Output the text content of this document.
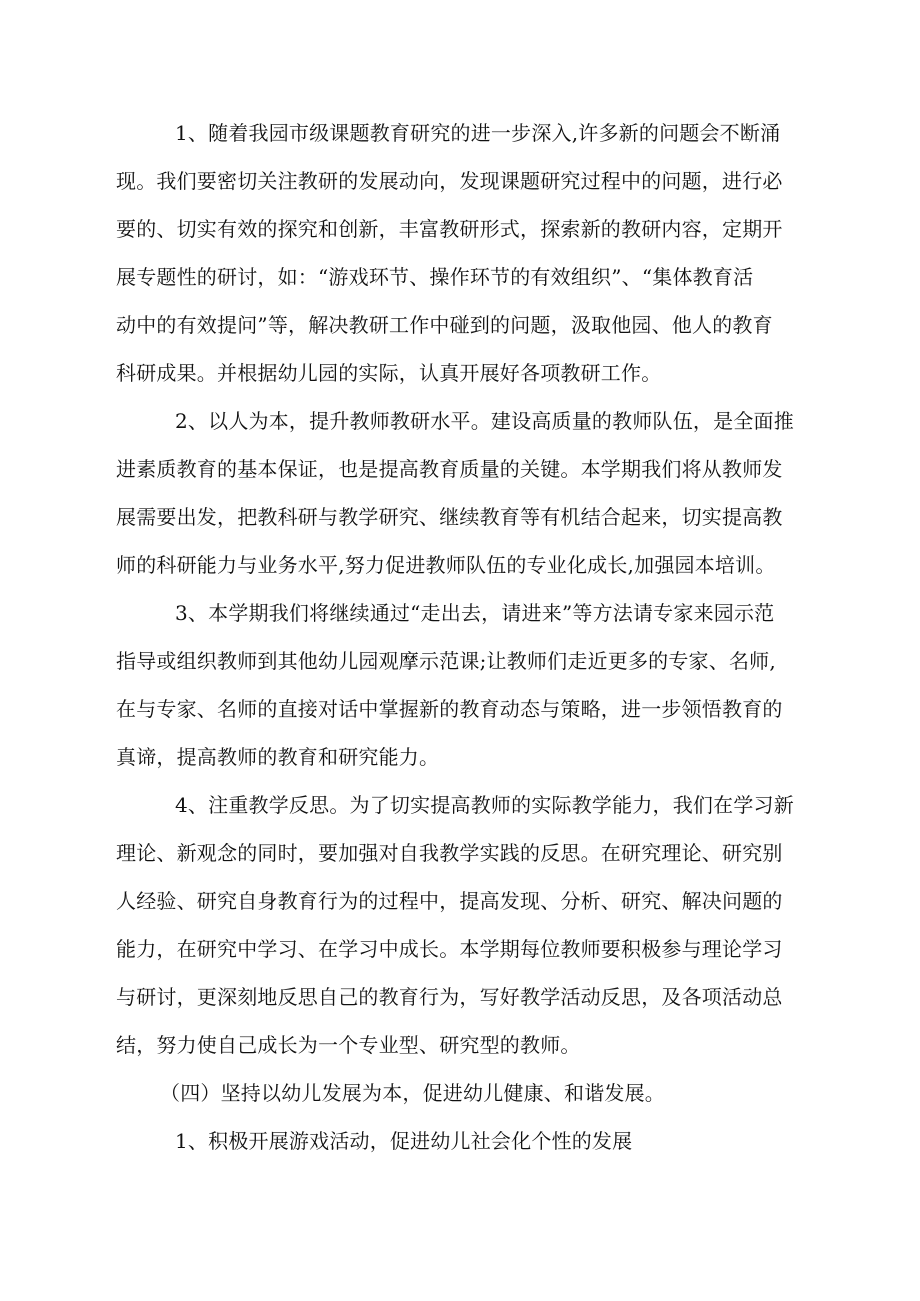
1、随着我园市级课题教育研究的进一步深入,许多新的问题会不断涌
现。我们要密切关注教研的发展动向，发现课题研究过程中的问题，进行必
要的、切实有效的探究和创新，丰富教研形式，探索新的教研内容，定期开
展专题性的研讨，如：“游戏环节、操作环节的有效组织”、“集体教育活
动中的有效提问”等，解决教研工作中碰到的问题，汲取他园、他人的教育
科研成果。并根据幼儿园的实际，认真开展好各项教研工作。
2、以人为本，提升教师教研水平。建设高质量的教师队伍，是全面推
进素质教育的基本保证，也是提高教育质量的关键。本学期我们将从教师发
展需要出发，把教科研与教学研究、继续教育等有机结合起来，切实提高教
师的科研能力与业务水平,努力促进教师队伍的专业化成长,加强园本培训。
3、本学期我们将继续通过“走出去，请进来”等方法请专家来园示范
指导或组织教师到其他幼儿园观摩示范课;让教师们走近更多的专家、名师,
在与专家、名师的直接对话中掌握新的教育动态与策略，进一步领悟教育的
真谛，提高教师的教育和研究能力。
4、注重教学反思。为了切实提高教师的实际教学能力，我们在学习新
理论、新观念的同时，要加强对自我教学实践的反思。在研究理论、研究别
人经验、研究自身教育行为的过程中，提高发现、分析、研究、解决问题的
能力，在研究中学习、在学习中成长。本学期每位教师要积极参与理论学习
与研讨，更深刻地反思自己的教育行为，写好教学活动反思，及各项活动总
结，努力使自己成长为一个专业型、研究型的教师。
（四）坚持以幼儿发展为本，促进幼儿健康、和谐发展。
1、积极开展游戏活动，促进幼儿社会化个性的发展
